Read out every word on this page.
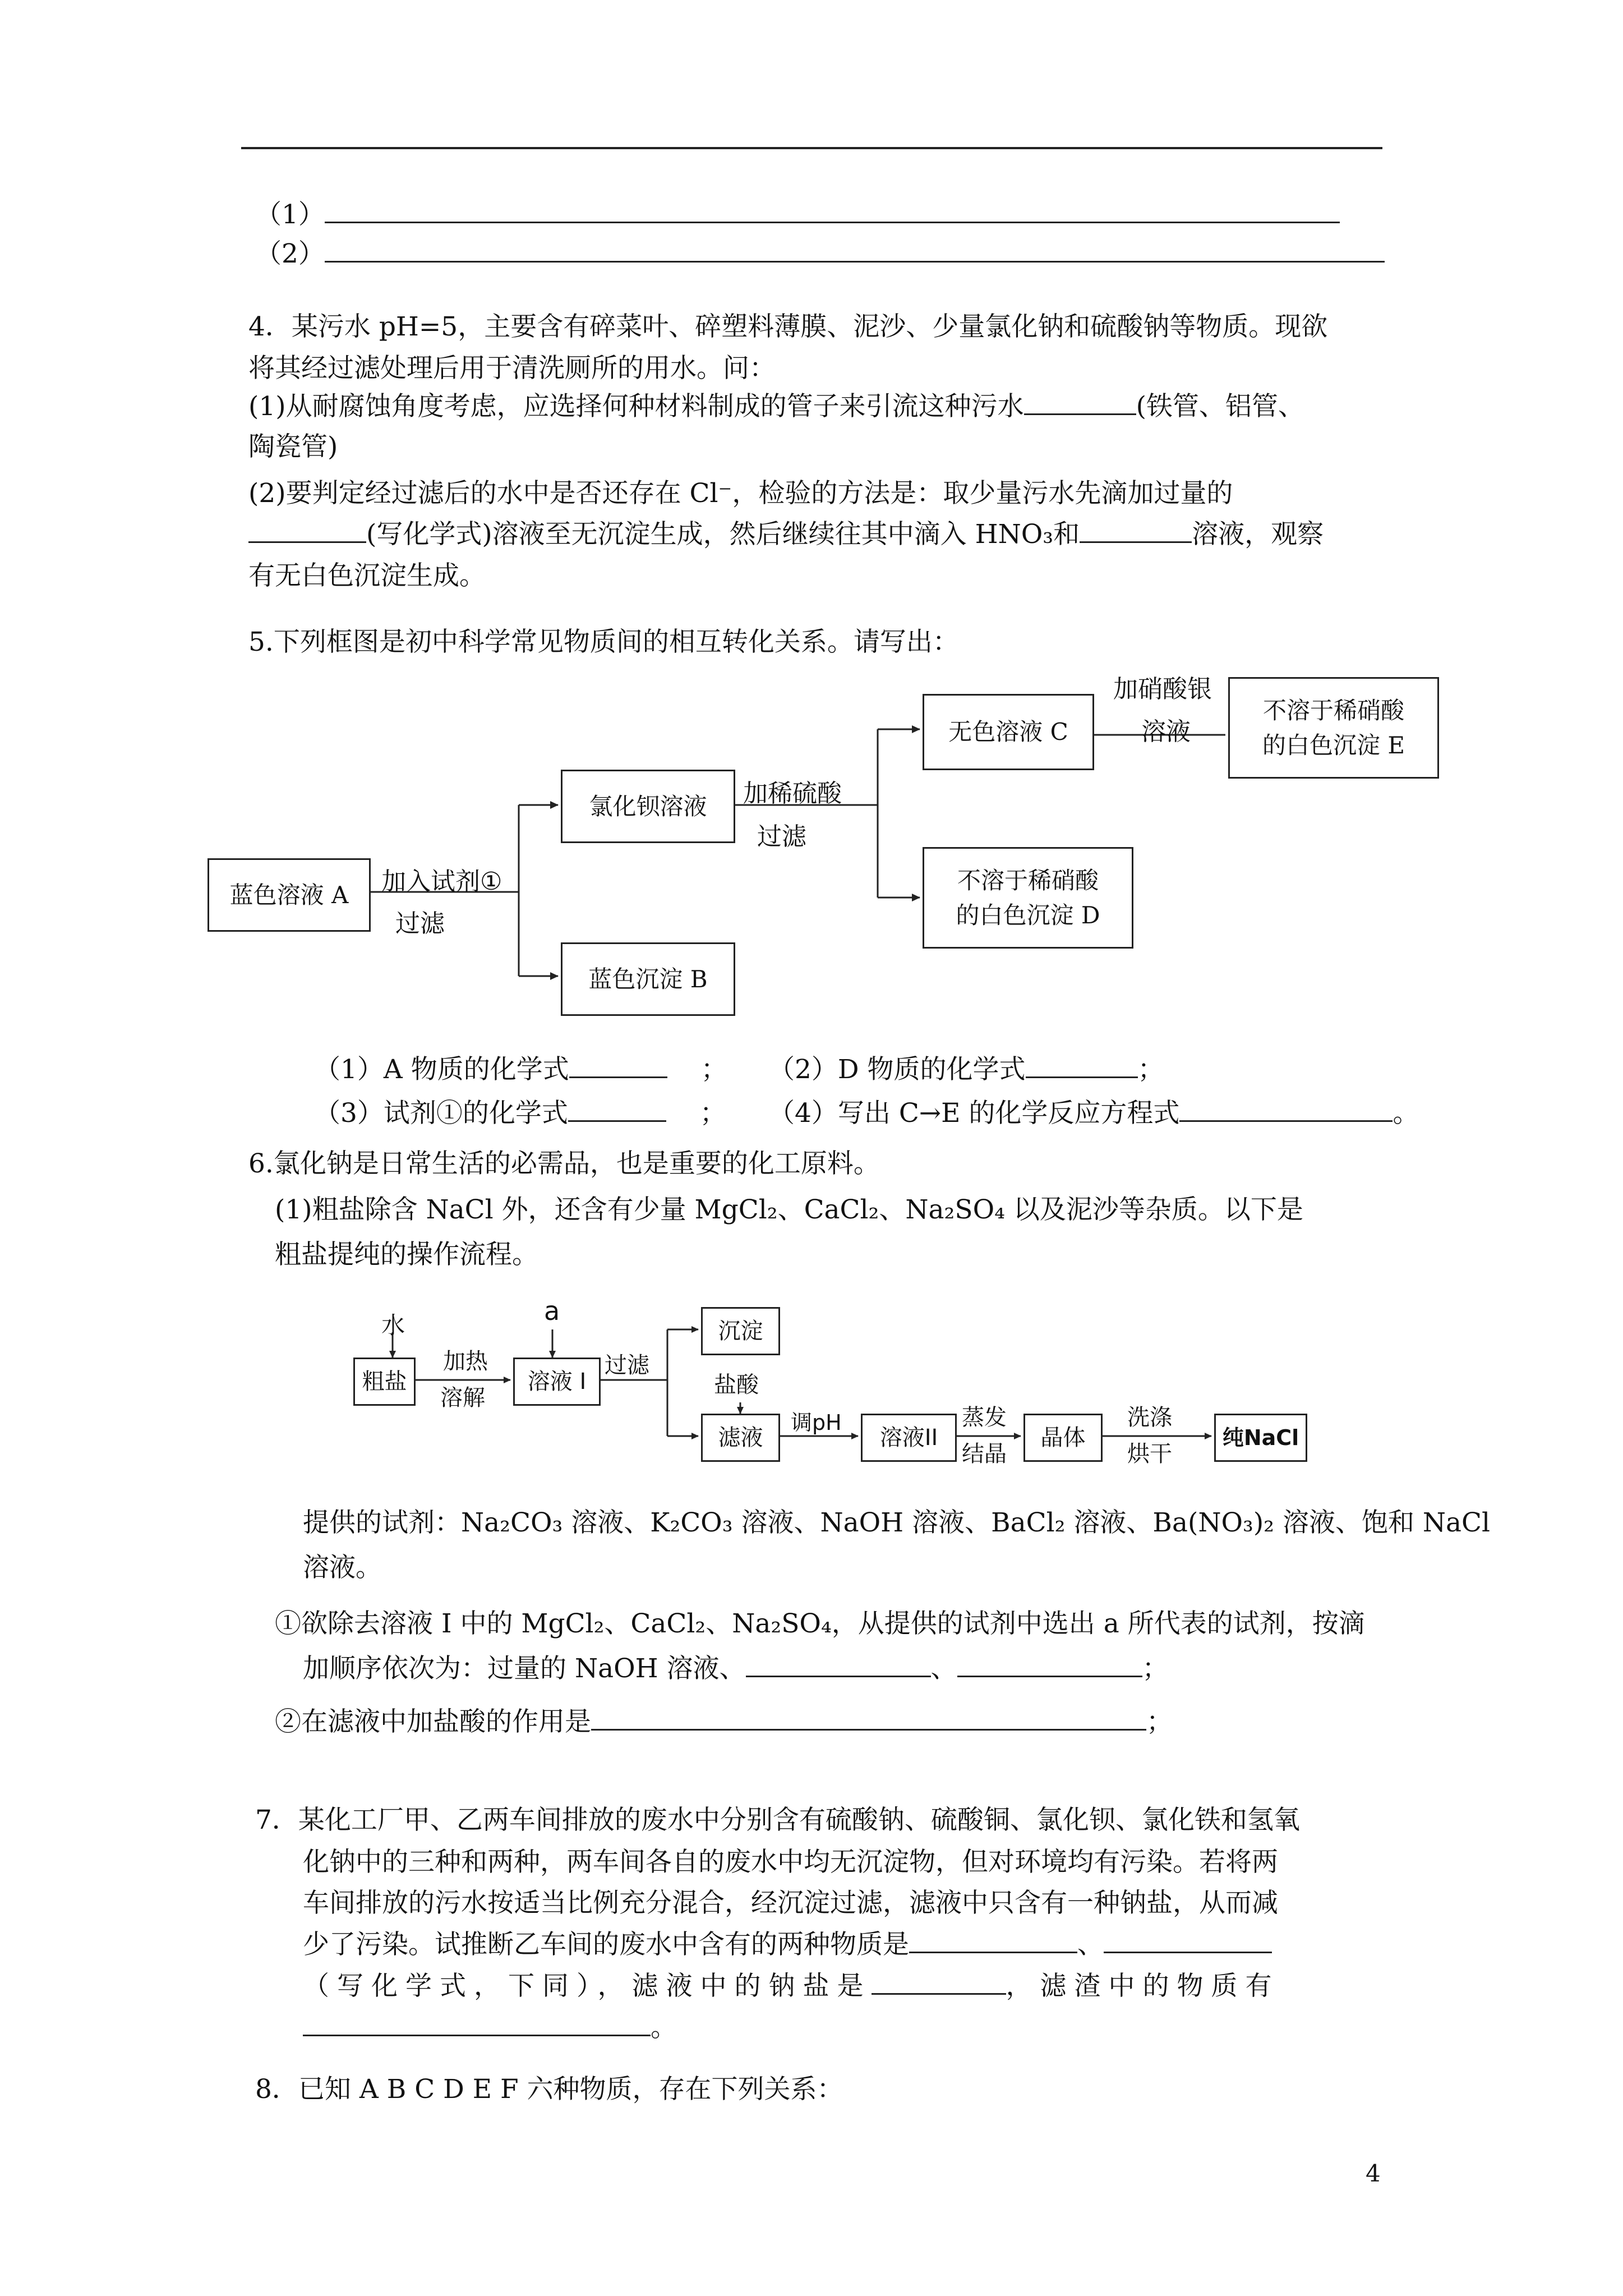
（1）
（2）
4．某污水 pH=5，主要含有碎菜叶、碎塑料薄膜、泥沙、少量氯化钠和硫酸钠等物质。现欲
将其经过滤处理后用于清洗厕所的用水。问：
(1)从耐腐蚀角度考虑，应选择何种材料制成的管子来引流这种污水	(铁管、铝管、
陶瓷管)
(2)要判定经过滤后的水中是否还存在 Cl⁻，检验的方法是：取少量污水先滴加过量的
(写化学式)溶液至无沉淀生成，然后继续往其中滴入 HNO₃和	溶液，观察
有无白色沉淀生成。
5.下列框图是初中科学常见物质间的相互转化关系。请写出：
蓝色溶液 A
氯化钡溶液
蓝色沉淀 B
无色溶液 C
不溶于稀硝酸
的白色沉淀 D
不溶于稀硝酸
的白色沉淀 E
加入试剂①
过滤
加稀硫酸
过滤
加硝酸银
溶液
（1）A 物质的化学式	； （2）D 物质的化学式	；
（3）试剂①的化学式	； （4）写出 C→E 的化学反应方程式	。
6.氯化钠是日常生活的必需品，也是重要的化工原料。
(1)粗盐除含 NaCl 外，还含有少量 MgCl₂、CaCl₂、Na₂SO₄ 以及泥沙等杂质。以下是
粗盐提纯的操作流程。
水
粗盐
加热
溶解
a
溶液 I
过滤
沉淀
盐酸
滤液
调pH
溶液II
蒸发
结晶
晶体
洗涤
烘干
纯NaCl
提供的试剂：Na₂CO₃ 溶液、K₂CO₃ 溶液、NaOH 溶液、BaCl₂ 溶液、Ba(NO₃)₂ 溶液、饱和 NaCl
溶液。
①欲除去溶液 I 中的 MgCl₂、CaCl₂、Na₂SO₄，从提供的试剂中选出 a 所代表的试剂，按滴
加顺序依次为：过量的 NaOH 溶液、	、	；
②在滤液中加盐酸的作用是	；
7．某化工厂甲、乙两车间排放的废水中分别含有硫酸钠、硫酸铜、氯化钡、氯化铁和氢氧
化钠中的三种和两种，两车间各自的废水中均无沉淀物，但对环境均有污染。若将两
车间排放的污水按适当比例充分混合，经沉淀过滤，滤液中只含有一种钠盐，从而减
少了污染。试推断乙车间的废水中含有的两种物质是	、
（写化学式，下同），滤液中的钠盐是	，滤渣中的物质有
。
8．已知 A B C D E F 六种物质，存在下列关系：
4
